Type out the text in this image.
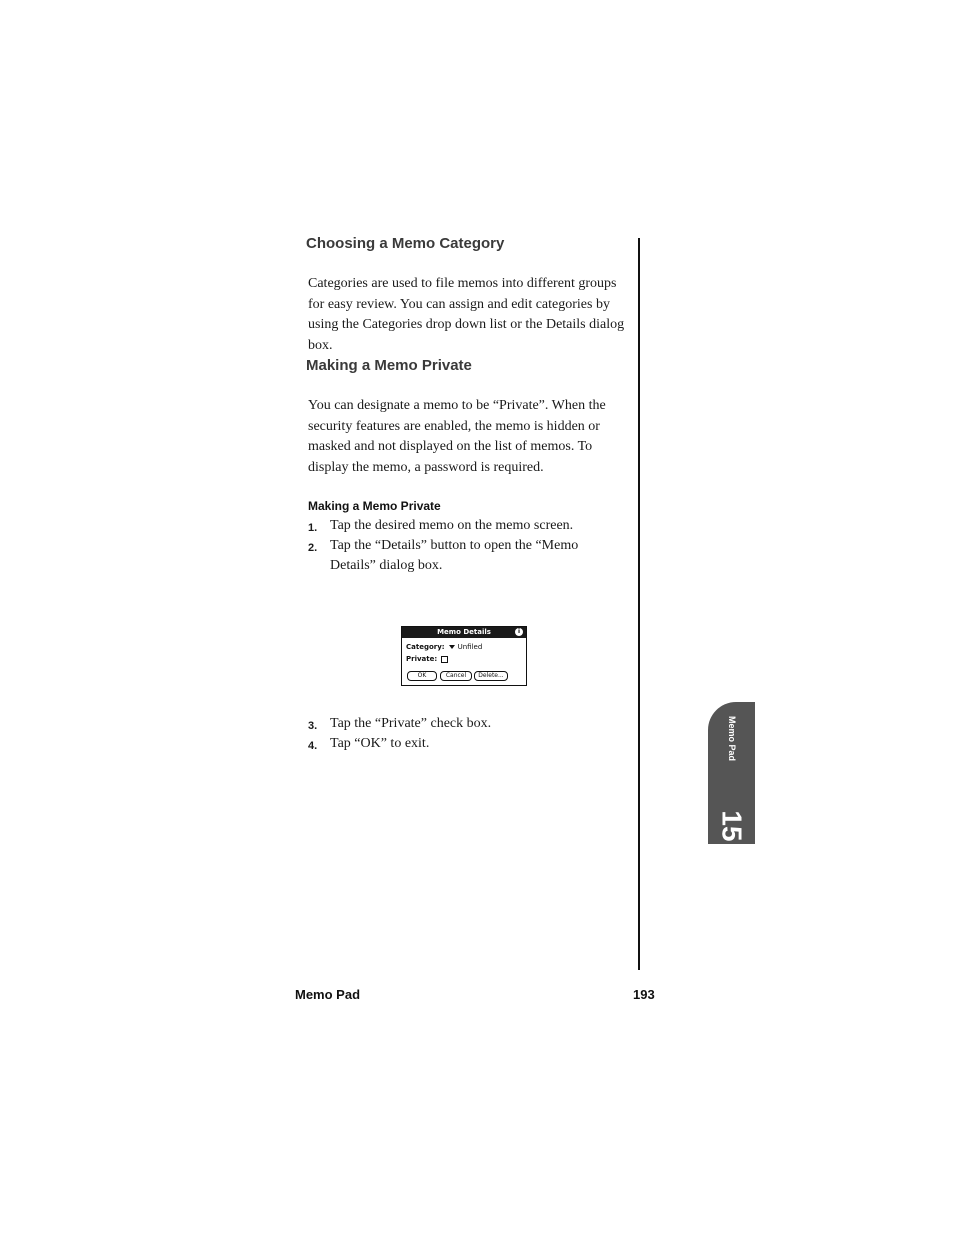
Choosing a Memo Category
Categories are used to file memos into different groups for easy review. You can assign and edit categories by using the Categories drop down list or the Details dialog box.
Making a Memo Private
You can designate a memo to be “Private”. When the security features are enabled, the memo is hidden or masked and not displayed on the list of memos. To display the memo, a password is required.
Making a Memo Private
1. Tap the desired memo on the memo screen.
2. Tap the “Details” button to open the “Memo Details” dialog box.
Memo Details	i
Category: Unfiled
Private:
OK	Cancel	Delete...
3. Tap the “Private” check box.
4. Tap “OK” to exit.	Memo Pad
15
Memo Pad	193
